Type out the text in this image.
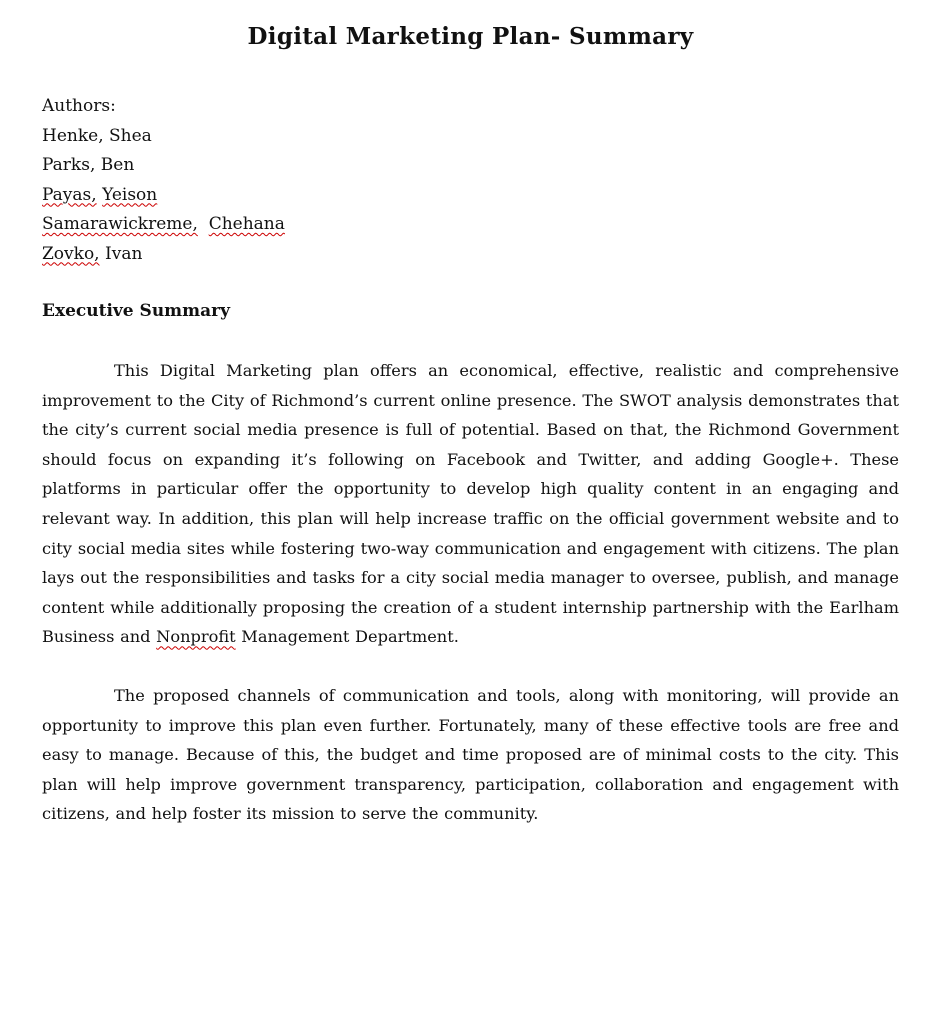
Digital Marketing Plan- Summary
Authors:
Henke, Shea
Parks, Ben
Payas, Yeison
Samarawickreme, Chehana
Zovko, Ivan
Executive Summary

This Digital Marketing plan offers an economical, effective, realistic and comprehensive improvement to the City of Richmond’s current online presence. The SWOT analysis demonstrates that the city’s current social media presence is full of potential. Based on that, the Richmond Government should focus on expanding it’s following on Facebook and Twitter, and adding Google+. These platforms in particular offer the opportunity to develop high quality content in an engaging and relevant way. In addition, this plan will help increase traffic on the official government website and to city social media sites while fostering two-way communication and engagement with citizens. The plan lays out the responsibilities and tasks for a city social media manager to oversee, publish, and manage content while additionally proposing the creation of a student internship partnership with the Earlham Business and Nonprofit Management Department.

The proposed channels of communication and tools, along with monitoring, will provide an opportunity to improve this plan even further. Fortunately, many of these effective tools are free and easy to manage. Because of this, the budget and time proposed are of minimal costs to the city. This plan will help improve government transparency, participation, collaboration and engagement with citizens, and help foster its mission to serve the community.
